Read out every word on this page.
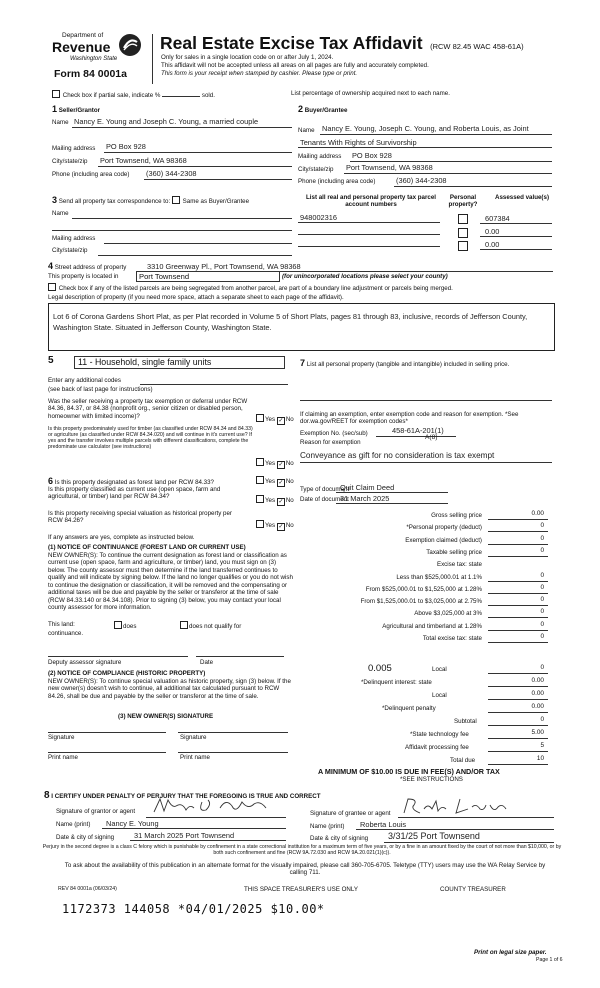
Department of
Revenue
Washington State
Form 84 0001a
Real Estate Excise Tax Affidavit (RCW 82.45 WAC 458-61A)
Only for sales in a single location code on or after July 1, 2024.
This affidavit will not be accepted unless all areas on all pages are fully and accurately completed.
This form is your receipt when stamped by cashier. Please type or print.
Check box if partial sale, indicate %	sold.	List percentage of ownership acquired next to each name.
1 Seller/Grantor
Name Nancy E. Young and Joseph C. Young, a married couple
Mailing address PO Box 928
City/state/zip Port Townsend, WA 98368
Phone (including area code) (360) 344-2308
2 Buyer/Grantee
Name Nancy E. Young, Joseph C. Young, and Roberta Louis, as Joint
Tenants With Rights of Survivorship
Mailing address PO Box 928
City/state/zip Port Townsend, WA 98368
Phone (including area code)	(360) 344-2308
3 Send all property tax correspondence to: Same as Buyer/Grantee
Name
Mailing address
City/state/zip
List all real and personal property tax parcel account numbers
Personal property?
Assessed value(s)
948002316	607384
0.00
0.00
4 Street address of property	3310 Greenway Pl., Port Townsend, WA 98368
This property is located in	Port Townsend	(for unincorporated locations please select your county)
Check box if any of the listed parcels are being segregated from another parcel, are part of a boundary line adjustment or parcels being merged.
Legal description of property (if you need more space, attach a separate sheet to each page of the affidavit).
Lot 6 of Corona Gardens Short Plat, as per Plat recorded in Volume 5 of Short Plats, pages 81 through 83, inclusive, records of Jefferson County, Washington State. Situated in Jefferson County, Washington State.
5	11 - Household, single family units
Enter any additional codes
(see back of last page for instructions)
Was the seller receiving a property tax exemption or deferral under RCW 84.36, 84.37, or 84.38 (nonprofit org., senior citizen or disabled person, homeowner with limited income)?	Yes ✓ No
Is this property predominately used for timber (as classified under RCW 84.34 and 84.33) or agriculture (as classified under RCW 84.34.020) and will continue in it's current use? If yes and the transfer involves multiple parcels with different classifications, complete the predominate use calculator (see instructions)
Yes ✓ No
6 Is this property designated as forest land per RCW 84.33?	Yes ✓ No
Is this property classified as current use (open space, farm and agricultural, or timber) land per RCW 84.34?
Yes ✓ No
Is this property receiving special valuation as historical property per RCW 84.26?
Yes ✓ No
If any answers are yes, complete as instructed below.
(1) NOTICE OF CONTINUANCE (FOREST LAND OR CURRENT USE)
NEW OWNER(S): To continue the current designation as forest land or classification as current use (open space, farm and agriculture, or timber) land, you must sign on (3) below. The county assessor must then determine if the land transferred continues to qualify and will indicate by signing below. If the land no longer qualifies or you do not wish to continue the designation or classification, it will be removed and the compensating or additional taxes will be due and payable by the seller or transferor at the time of sale (RCW 84.33.140 or 84.34.108). Prior to signing (3) below, you may contact your local county assessor for more information.
This land:	does	does not qualify for
continuance.
Deputy assessor signature	Date
(2) NOTICE OF COMPLIANCE (HISTORIC PROPERTY)
NEW OWNER(S): To continue special valuation as historic property, sign (3) below. If the new owner(s) doesn't wish to continue, all additional tax calculated pursuant to RCW 84.26, shall be due and payable by the seller or transferor at the time of sale.
(3) NEW OWNER(S) SIGNATURE
Signature	Signature
Print name	Print name
7 List all personal property (tangible and intangible) included in selling price.
If claiming an exemption, enter exemption code and reason for exemption. *See dor.wa.gov/REET for exemption codes*
Exemption No. (sec/sub)	458-61A-201(1)
A(8)
Reason for exemption
Conveyance as gift for no consideration is tax exempt
Type of document
Quit Claim Deed
Date of document
31 March 2025
Gross selling price	0.00
*Personal property (deduct)	0
Exemption claimed (deduct)	0
Taxable selling price	0
Excise tax: state
Less than $525,000.01 at 1.1%	0
From $525,000.01 to $1,525,000 at 1.28%	0
From $1,525,000.01 to $3,025,000 at 2.75%	0
Above $3,025,000 at 3%	0
Agricultural and timberland at 1.28%	0
Total excise tax: state	0
0.005	Local	0
*Delinquent interest: state	0.00
Local	0.00
*Delinquent penalty	0.00
Subtotal	0
*State technology fee	5.00
Affidavit processing fee	5
Total due	10
A MINIMUM OF $10.00 IS DUE IN FEE(S) AND/OR TAX
*SEE INSTRUCTIONS
8 I CERTIFY UNDER PENALTY OF PERJURY THAT THE FOREGOING IS TRUE AND CORRECT
Signature of grantor or agent
Name (print) Nancy E. Young
Date & city of signing	31 March 2025 Port Townsend
Signature of grantee or agent
Name (print) Roberta Louis
Date & city of signing 3/31/25 Port Townsend
Perjury in the second degree is a class C felony which is punishable by confinement in a state correctional institution for a maximum term of five years, or by a fine in an amount fixed by the court of not more than $10,000, or by both such confinement and fine (RCW 9A.72.030 and RCW 9A.20.021(1)(c)).
To ask about the availability of this publication in an alternate format for the visually impaired, please call 360-705-6705. Teletype (TTY) users may use the WA Relay Service by calling 711.
REV 84 0001a (06/03/24)	THIS SPACE TREASURER'S USE ONLY	COUNTY TREASURER
1172373 144058 *04/01/2025 $10.00*
Print on legal size paper.
Page 1 of 6
